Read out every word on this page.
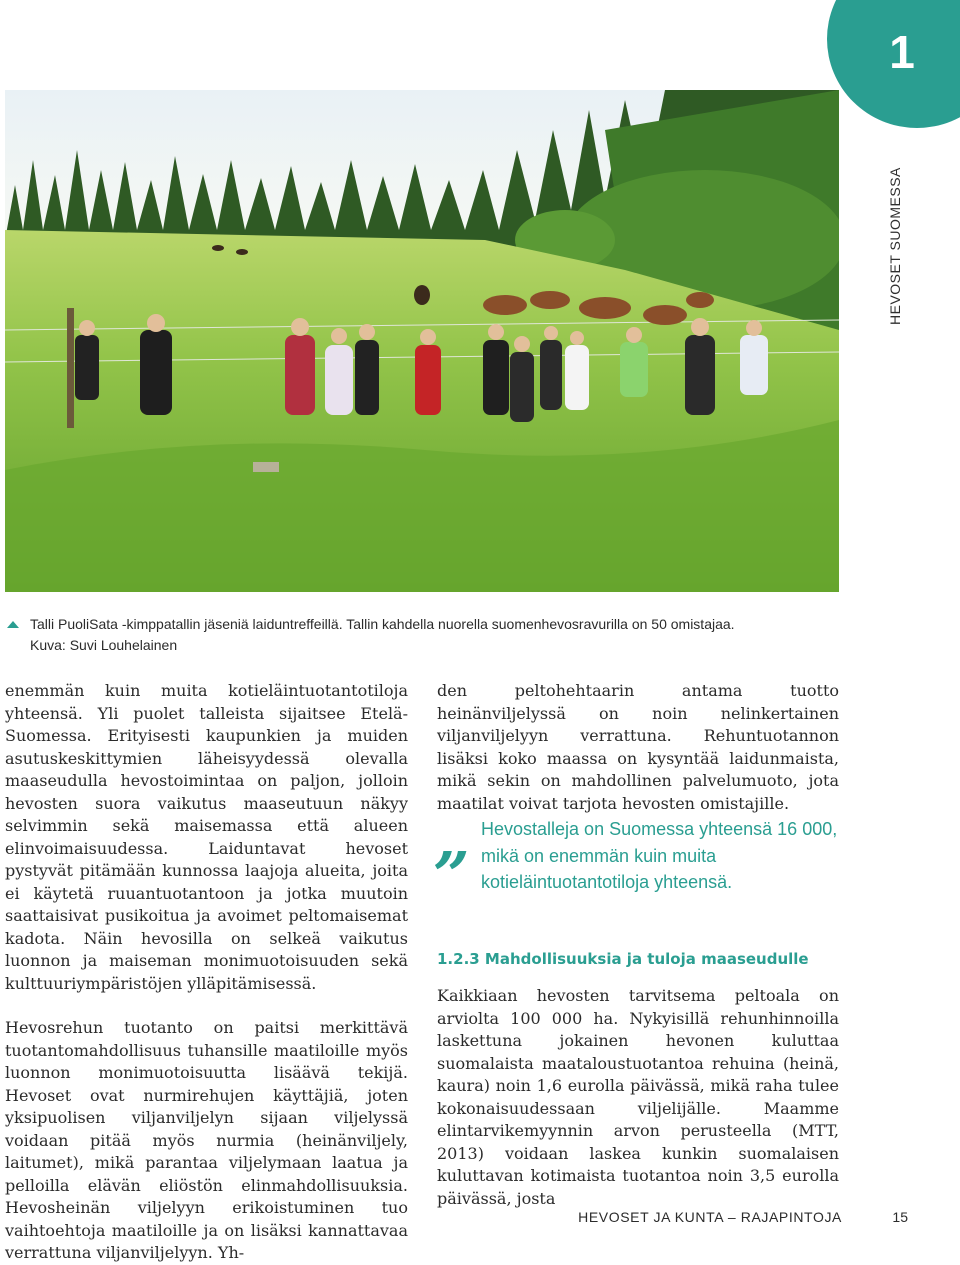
1
HEVOSET SUOMESSA
Talli PuoliSata -kimppatallin jäseniä laiduntreffeillä. Tallin kahdella nuorella suomenhevosravurilla on 50 omistajaa.
Kuva: Suvi Louhelainen

enemmän kuin muita kotieläintuotantotiloja yhteensä. Yli puolet talleista sijaitsee Etelä-Suomessa. Erityisesti kaupunkien ja muiden asutuskeskittymien läheisyydessä olevalla maaseudulla hevostoimintaa on paljon, jolloin hevosten suora vaikutus maaseutuun näkyy selvimmin sekä maisemassa että alueen elinvoimaisuudessa. Laiduntavat hevoset pystyvät pitämään kunnossa laajoja alueita, joita ei käytetä ruuantuotantoon ja jotka muutoin saattaisivat pusikoitua ja avoimet peltomaisemat kadota. Näin hevosilla on selkeä vaikutus luonnon ja maiseman monimuotoisuuden sekä kulttuuriympäristöjen ylläpitämisessä.

Hevosrehun tuotanto on paitsi merkittävä tuotantomahdollisuus tuhansille maatiloille myös luonnon monimuotoisuutta lisäävä tekijä. Hevoset ovat nurmirehujen käyttäjiä, joten yksipuolisen viljanviljelyn sijaan viljelyssä voidaan pitää myös nurmia (heinänviljely, laitumet), mikä parantaa viljelymaan laatua ja pelloilla elävän eliöstön elinmahdollisuuksia. Hevosheinän viljelyyn erikoistuminen tuo vaihtoehtoja maatiloille ja on lisäksi kannattavaa verrattuna viljanviljelyyn. Yh-

den peltohehtaarin antama tuotto heinänviljelyssä on noin nelinkertainen viljanviljelyyn verrattuna. Rehuntuotannon lisäksi koko maassa on kysyntää laidunmaista, mikä sekin on mahdollinen palvelumuoto, jota maatilat voivat tarjota hevosten omistajille.

„ Hevostalleja on Suomessa yhteensä 16 000, mikä on enemmän kuin muita kotieläintuotantotiloja yhteensä.
1.2.3 Mahdollisuuksia ja tuloja maaseudulle

Kaikkiaan hevosten tarvitsema peltoala on arviolta 100 000 ha. Nykyisillä rehunhinnoilla laskettuna jokainen hevonen kuluttaa suomalaista maataloustuotantoa rehuina (heinä, kaura) noin 1,6 eurolla päivässä, mikä raha tulee kokonaisuudessaan viljelijälle. Maamme elintarvikemyynnin arvon perusteella (MTT, 2013) voidaan laskea kunkin suomalaisen kuluttavan kotimaista tuotantoa noin 3,5 eurolla päivässä, josta

HEVOSET JA KUNTA – RAJAPINTOJA	15
